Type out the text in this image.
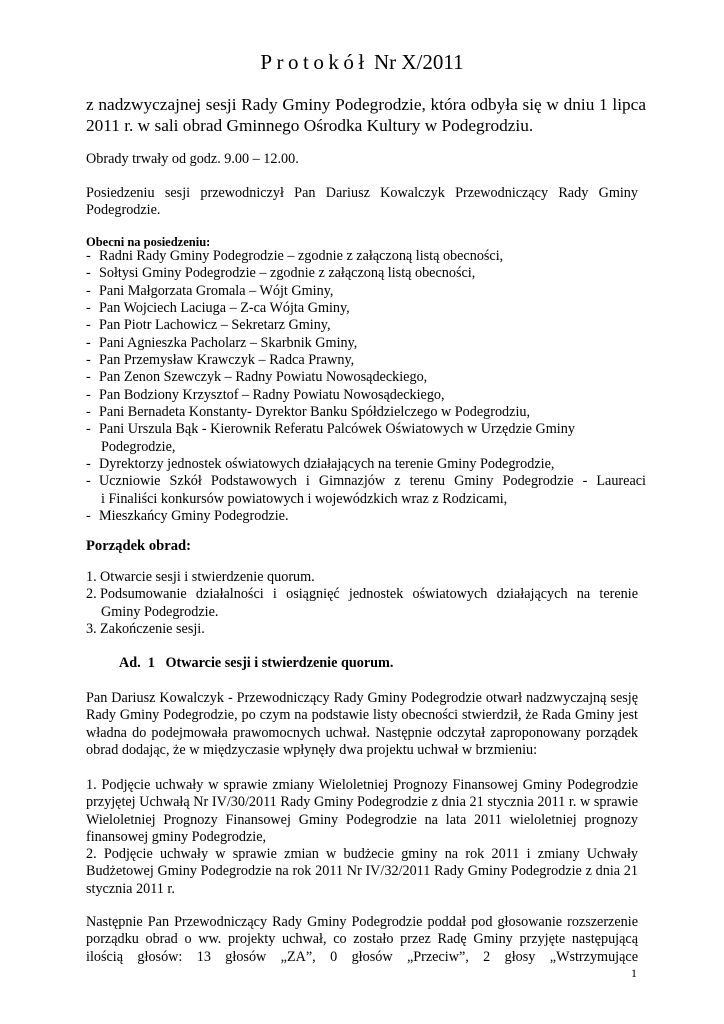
Protokół Nr X/2011
z nadzwyczajnej sesji Rady Gminy Podegrodzie, która odbyła się w dniu 1 lipca 2011 r. w sali obrad Gminnego Ośrodka Kultury w Podegrodziu.
Obrady trwały od godz. 9.00 – 12.00.
Posiedzeniu sesji przewodniczył Pan Dariusz Kowalczyk Przewodniczący Rady Gminy Podegrodzie.
Obecni na posiedzeniu:
- Radni Rady Gminy Podegrodzie – zgodnie z załączoną listą obecności,
- Sołtysi Gminy Podegrodzie – zgodnie z załączoną listą obecności,
- Pani Małgorzata Gromala – Wójt Gminy,
- Pan Wojciech Laciuga – Z-ca Wójta Gminy,
- Pan Piotr Lachowicz – Sekretarz Gminy,
- Pani Agnieszka Pacholarz – Skarbnik Gminy,
- Pan Przemysław Krawczyk – Radca Prawny,
- Pan Zenon Szewczyk – Radny Powiatu Nowosądeckiego,
- Pan Bodziony Krzysztof – Radny Powiatu Nowosądeckiego,
- Pani Bernadeta Konstanty- Dyrektor Banku Spółdzielczego w Podegrodziu,
- Pani Urszula Bąk - Kierownik Referatu Palcówek Oświatowych w Urzędzie Gminy
Podegrodzie,
- Dyrektorzy jednostek oświatowych działających na terenie Gminy Podegrodzie,
- Uczniowie Szkół Podstawowych i Gimnazjów z terenu Gminy Podegrodzie - Laureaci
i Finaliści konkursów powiatowych i wojewódzkich wraz z Rodzicami,
- Mieszkańcy Gminy Podegrodzie.
Porządek obrad:
1. Otwarcie sesji i stwierdzenie quorum.
2. Podsumowanie działalności i osiągnięć jednostek oświatowych działających na terenie
Gminy Podegrodzie.
3. Zakończenie sesji.
Ad.  1   Otwarcie sesji i stwierdzenie quorum.
Pan Dariusz Kowalczyk - Przewodniczący Rady Gminy Podegrodzie otwarł nadzwyczajną sesję Rady Gminy Podegrodzie, po czym na podstawie listy obecności stwierdził, że Rada Gminy jest władna do podejmowała prawomocnych uchwał. Następnie odczytał zaproponowany porządek obrad dodając, że w międzyczasie wpłynęły dwa projektu uchwał w brzmieniu:
1. Podjęcie uchwały w sprawie zmiany Wieloletniej Prognozy Finansowej Gminy Podegrodzie przyjętej Uchwałą Nr IV/30/2011 Rady Gminy Podegrodzie z dnia 21 stycznia 2011 r. w sprawie Wieloletniej Prognozy Finansowej Gminy Podegrodzie na lata 2011 wieloletniej prognozy finansowej gminy Podegrodzie,
2. Podjęcie uchwały w sprawie zmian w budżecie gminy na rok 2011 i zmiany Uchwały Budżetowej Gminy Podegrodzie na rok 2011 Nr IV/32/2011 Rady Gminy Podegrodzie z dnia 21 stycznia 2011 r.
Następnie Pan Przewodniczący Rady Gminy Podegrodzie poddał pod głosowanie rozszerzenie porządku obrad o ww. projekty uchwał, co zostało przez Radę Gminy przyjęte następującą ilością głosów: 13 głosów „ZA”, 0 głosów „Przeciw”, 2 głosy „Wstrzymujące
1
